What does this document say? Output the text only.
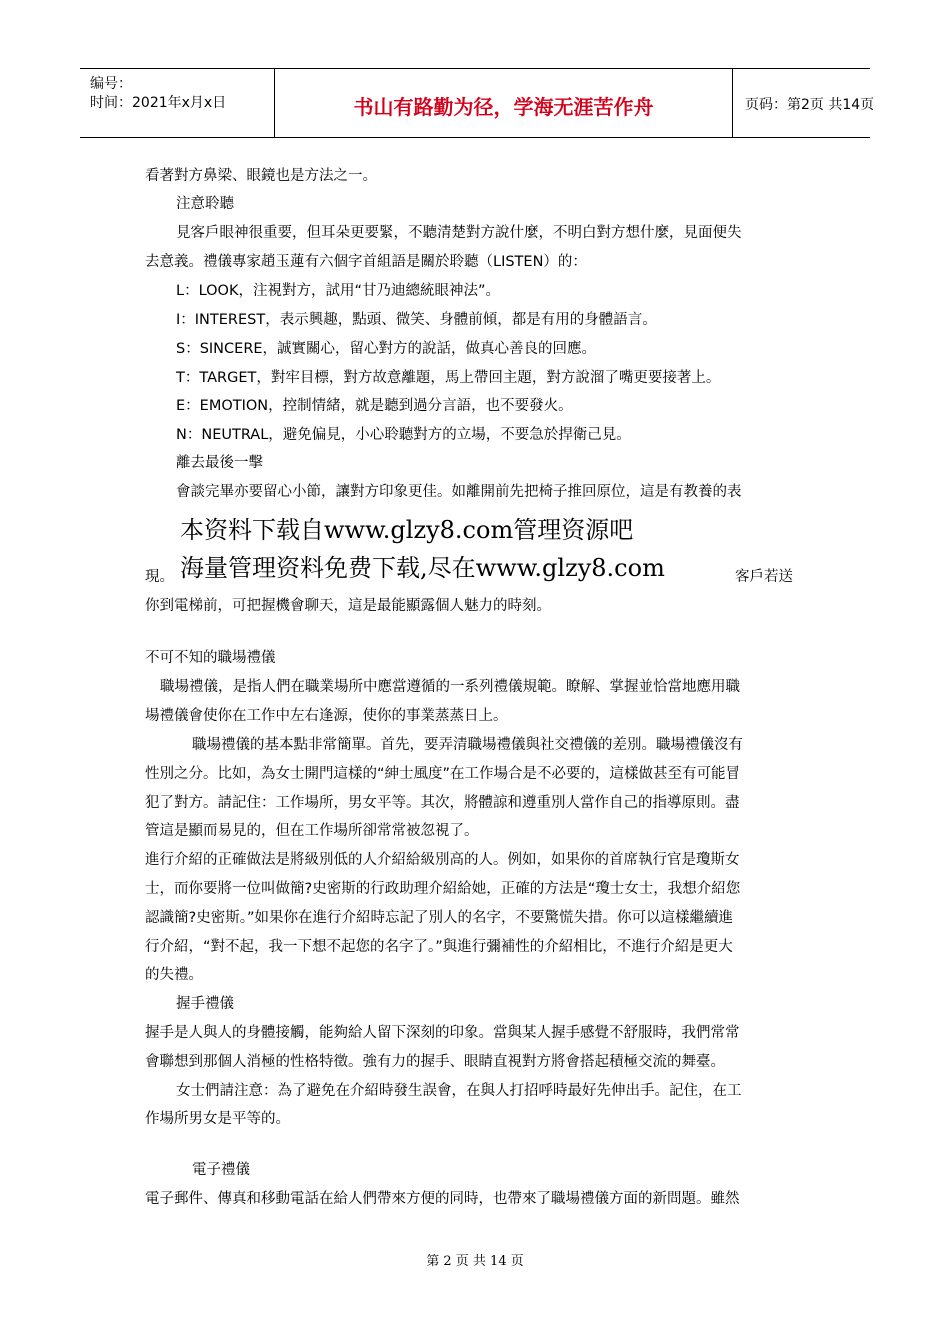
编号：
时间：2021年x月x日	书山有路勤为径，学海无涯苦作舟	页码：第2页 共14页
看著對方鼻梁、眼鏡也是方法之一。
注意聆聽
見客戶眼神很重要，但耳朵更要緊，不聽清楚對方說什麼，不明白對方想什麼，見面便失
去意義。禮儀專家趙玉蓮有六個字首組語是關於聆聽（LISTEN）的：
L：LOOK，注視對方，試用“甘乃迪總統眼神法”。
I：INTEREST，表示興趣，點頭、微笑、身體前傾，都是有用的身體語言。
S：SINCERE，誠實關心，留心對方的說話，做真心善良的回應。
T：TARGET，對牢目標，對方故意離題，馬上帶回主題，對方說溜了嘴更要接著上。
E：EMOTION，控制情緒，就是聽到過分言語，也不要發火。
N：NEUTRAL，避免偏見，小心聆聽對方的立場，不要急於捍衛己見。
離去最後一擊
會談完畢亦要留心小節，讓對方印象更佳。如離開前先把椅子推回原位，這是有教養的表
本资料下载自www.glzy8.com管理资源吧
海量管理资料免费下载,尽在www.glzy8.com
現。	客戶若送
你到電梯前，可把握機會聊天，這是最能顯露個人魅力的時刻。
不可不知的職場禮儀
職場禮儀，是指人們在職業場所中應當遵循的一系列禮儀規範。瞭解、掌握並恰當地應用職
場禮儀會使你在工作中左右逢源，使你的事業蒸蒸日上。
職場禮儀的基本點非常簡單。首先，要弄清職場禮儀與社交禮儀的差別。職場禮儀沒有
性別之分。比如，為女士開門這樣的“紳士風度”在工作場合是不必要的，這樣做甚至有可能冒
犯了對方。請記住：工作場所，男女平等。其次，將體諒和遵重別人當作自己的指導原則。盡
管這是顯而易見的，但在工作場所卻常常被忽視了。
進行介紹的正確做法是將級別低的人介紹給級別高的人。例如，如果你的首席執行官是瓊斯女
士，而你要將一位叫做簡?史密斯的行政助理介紹給她，正確的方法是“瓊士女士，我想介紹您
認識簡?史密斯。”如果你在進行介紹時忘記了別人的名字，不要驚慌失措。你可以這樣繼續進
行介紹，“對不起，我一下想不起您的名字了。”與進行彌補性的介紹相比，不進行介紹是更大
的失禮。
握手禮儀
握手是人與人的身體接觸，能夠給人留下深刻的印象。當與某人握手感覺不舒服時，我們常常
會聯想到那個人消極的性格特徵。強有力的握手、眼睛直視對方將會搭起積極交流的舞臺。
女士們請注意：為了避免在介紹時發生誤會，在與人打招呼時最好先伸出手。記住，在工
作場所男女是平等的。
電子禮儀
電子郵件、傳真和移動電話在給人們帶來方便的同時，也帶來了職場禮儀方面的新問題。雖然
第 2 页 共 14 页
